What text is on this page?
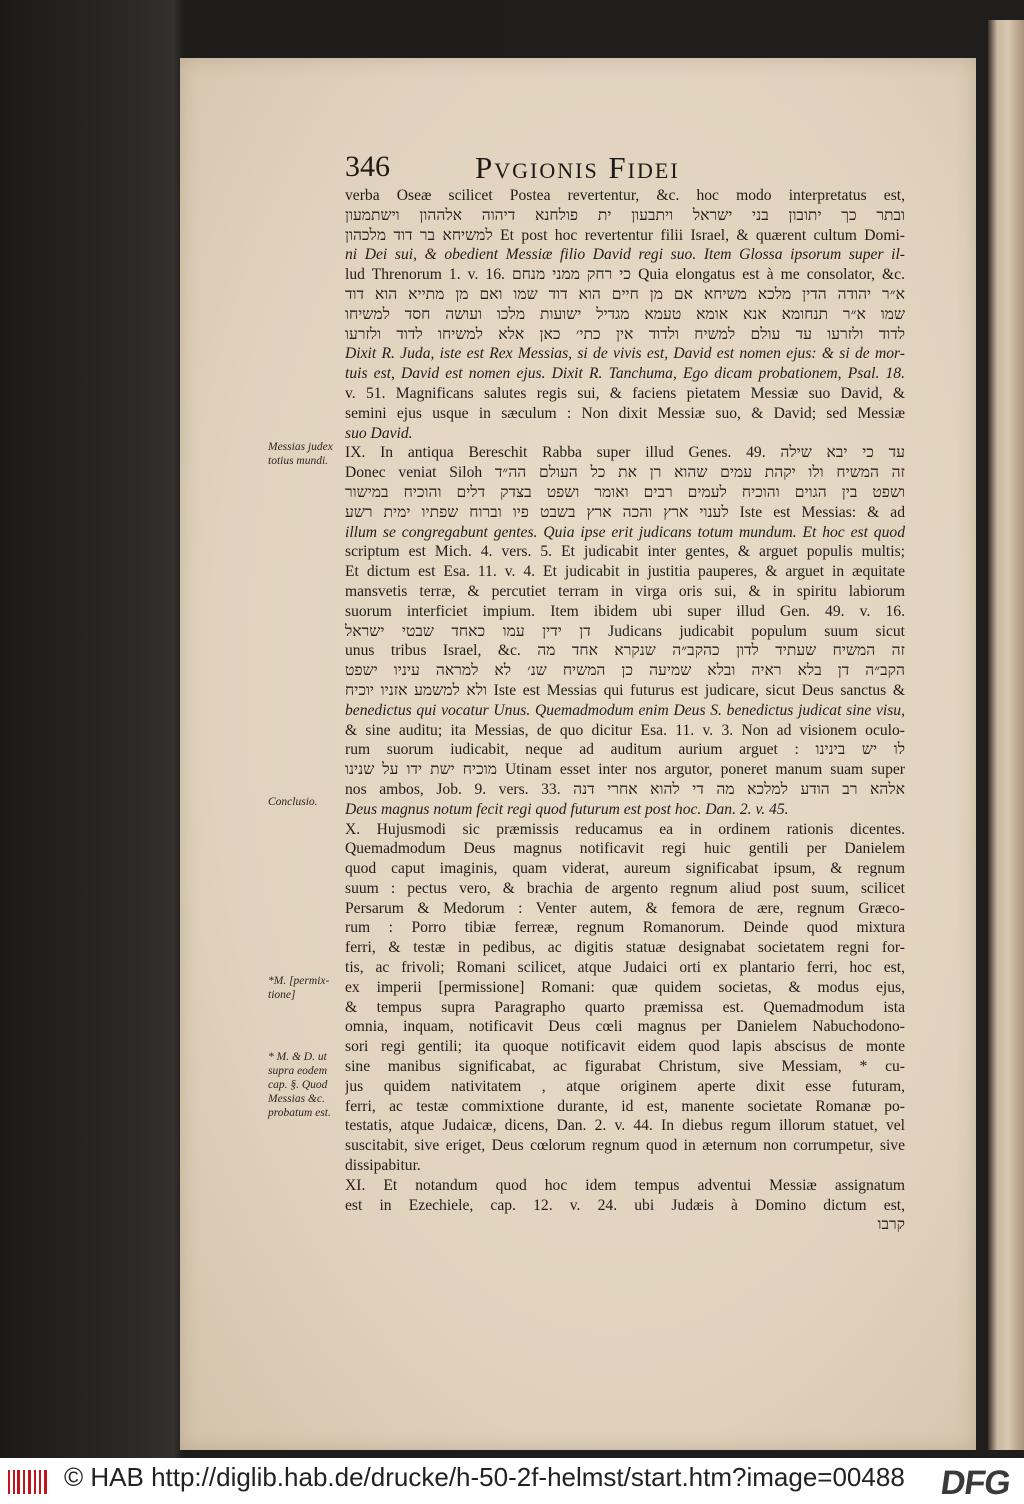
346	Pvgionis Fidei
Messias judex totius mundi.
Conclusio.
*M. [permix- tione]
* M. & D. ut supra eodem cap. §. Quod Messias &c. probatum est.
verba Oseæ scilicet Postea revertentur, &c. hoc modo interpretatus est,
ובתר כך יתובון בני ישראל ויתבעון ית פולחנא דיהוה אלההון וישתמעון
למשיחא בר דוד מלכהון Et post hoc revertentur filii Israel, & quærent cultum Domi-
ni Dei sui, & obedient Messiæ filio David regi suo. Item Glossa ipsorum super il-
lud Threnorum 1. v. 16. כי רחק ממני מנחם Quia elongatus est à me consolator, &c.
א״ר יהודה הדין מלכא משיחא אם מן חיים הוא דוד שמו ואם מן מתייא הוא דוד
שמו א״ר תנחומא אנא אומא טעמא מגדיל ישועות מלכו ועושה חסד למשיחו
לדוד ולזרעו עד עולם למשיח ולדוד אין כתי׳ כאן אלא למשיחו לדוד ולזרעו
Dixit R. Juda, iste est Rex Messias, si de vivis est, David est nomen ejus: & si de mor-
tuis est, David est nomen ejus. Dixit R. Tanchuma, Ego dicam probationem, Psal. 18.
v. 51. Magnificans salutes regis sui, & faciens pietatem Messiæ suo David, &
semini ejus usque in sæculum : Non dixit Messiæ suo, & David; sed Messiæ
suo David.
IX. In antiqua Bereschit Rabba super illud Genes. 49. עד כי יבא שילה
Donec veniat Siloh זה המשיח ולו יקהת עמים שהוא רן את כל העולם הה״ד
ושפט בין הגוים והוכיח לעמים רבים ואומר ושפט בצדק דלים והוכיח במישור
לענוי ארץ והכה ארץ בשבט פיו וברוח שפתיו ימית רשע Iste est Messias: & ad
illum se congregabunt gentes. Quia ipse erit judicans totum mundum. Et hoc est quod
scriptum est Mich. 4. vers. 5. Et judicabit inter gentes, & arguet populis multis;
Et dictum est Esa. 11. v. 4. Et judicabit in justitia pauperes, & arguet in æquitate
mansvetis terræ, & percutiet terram in virga oris sui, & in spiritu labiorum
suorum interficiet impium. Item ibidem ubi super illud Gen. 49. v. 16.
דן ידין עמו כאחד שבטי ישראל Judicans judicabit populum suum sicut
unus tribus Israel, &c. זה המשיח שעתיד לדון כהקב״ה שנקרא אחד מה
הקב״ה דן בלא ראיה ובלא שמיעה כן המשיח שנ׳ לא למראה עיניו ישפט
ולא למשמע אזניו יוכיח Iste est Messias qui futurus est judicare, sicut Deus sanctus &
benedictus qui vocatur Unus. Quemadmodum enim Deus S. benedictus judicat sine visu,
& sine auditu; ita Messias, de quo dicitur Esa. 11. v. 3. Non ad visionem oculo-
rum suorum iudicabit, neque ad auditum aurium arguet : לו יש בינינו
מוכיח ישת ידו על שנינו Utinam esset inter nos argutor, poneret manum suam super
nos ambos, Job. 9. vers. 33. אלהא רב הודע למלכא מה די להוא אחרי דנה
Deus magnus notum fecit regi quod futurum est post hoc. Dan. 2. v. 45.
X. Hujusmodi sic præmissis reducamus ea in ordinem rationis dicentes.
Quemadmodum Deus magnus notificavit regi huic gentili per Danielem
quod caput imaginis, quam viderat, aureum significabat ipsum, & regnum
suum : pectus vero, & brachia de argento regnum aliud post suum, scilicet
Persarum & Medorum : Venter autem, & femora de ære, regnum Græco-
rum : Porro tibiæ ferreæ, regnum Romanorum. Deinde quod mixtura
ferri, & testæ in pedibus, ac digitis statuæ designabat societatem regni for-
tis, ac frivoli; Romani scilicet, atque Judaici orti ex plantario ferri, hoc est,
ex imperii [permissione] Romani: quæ quidem societas, & modus ejus,
& tempus supra Paragrapho quarto præmissa est. Quemadmodum ista
omnia, inquam, notificavit Deus cœli magnus per Danielem Nabuchodono-
sori regi gentili; ita quoque notificavit eidem quod lapis abscisus de monte
sine manibus significabat, ac figurabat Christum, sive Messiam, * cu-
jus quidem nativitatem , atque originem aperte dixit esse futuram,
ferri, ac testæ commixtione durante, id est, manente societate Romanæ po-
testatis, atque Judaicæ, dicens, Dan. 2. v. 44. In diebus regum illorum statuet, vel
suscitabit, sive eriget, Deus cœlorum regnum quod in æternum non corrumpetur, sive
dissipabitur.
XI. Et notandum quod hoc idem tempus adventui Messiæ assignatum
est in Ezechiele, cap. 12. v. 24. ubi Judæis à Domino dictum est,
קרבו
© HAB http://diglib.hab.de/drucke/h-50-2f-helmst/start.htm?image=00488 DFG
